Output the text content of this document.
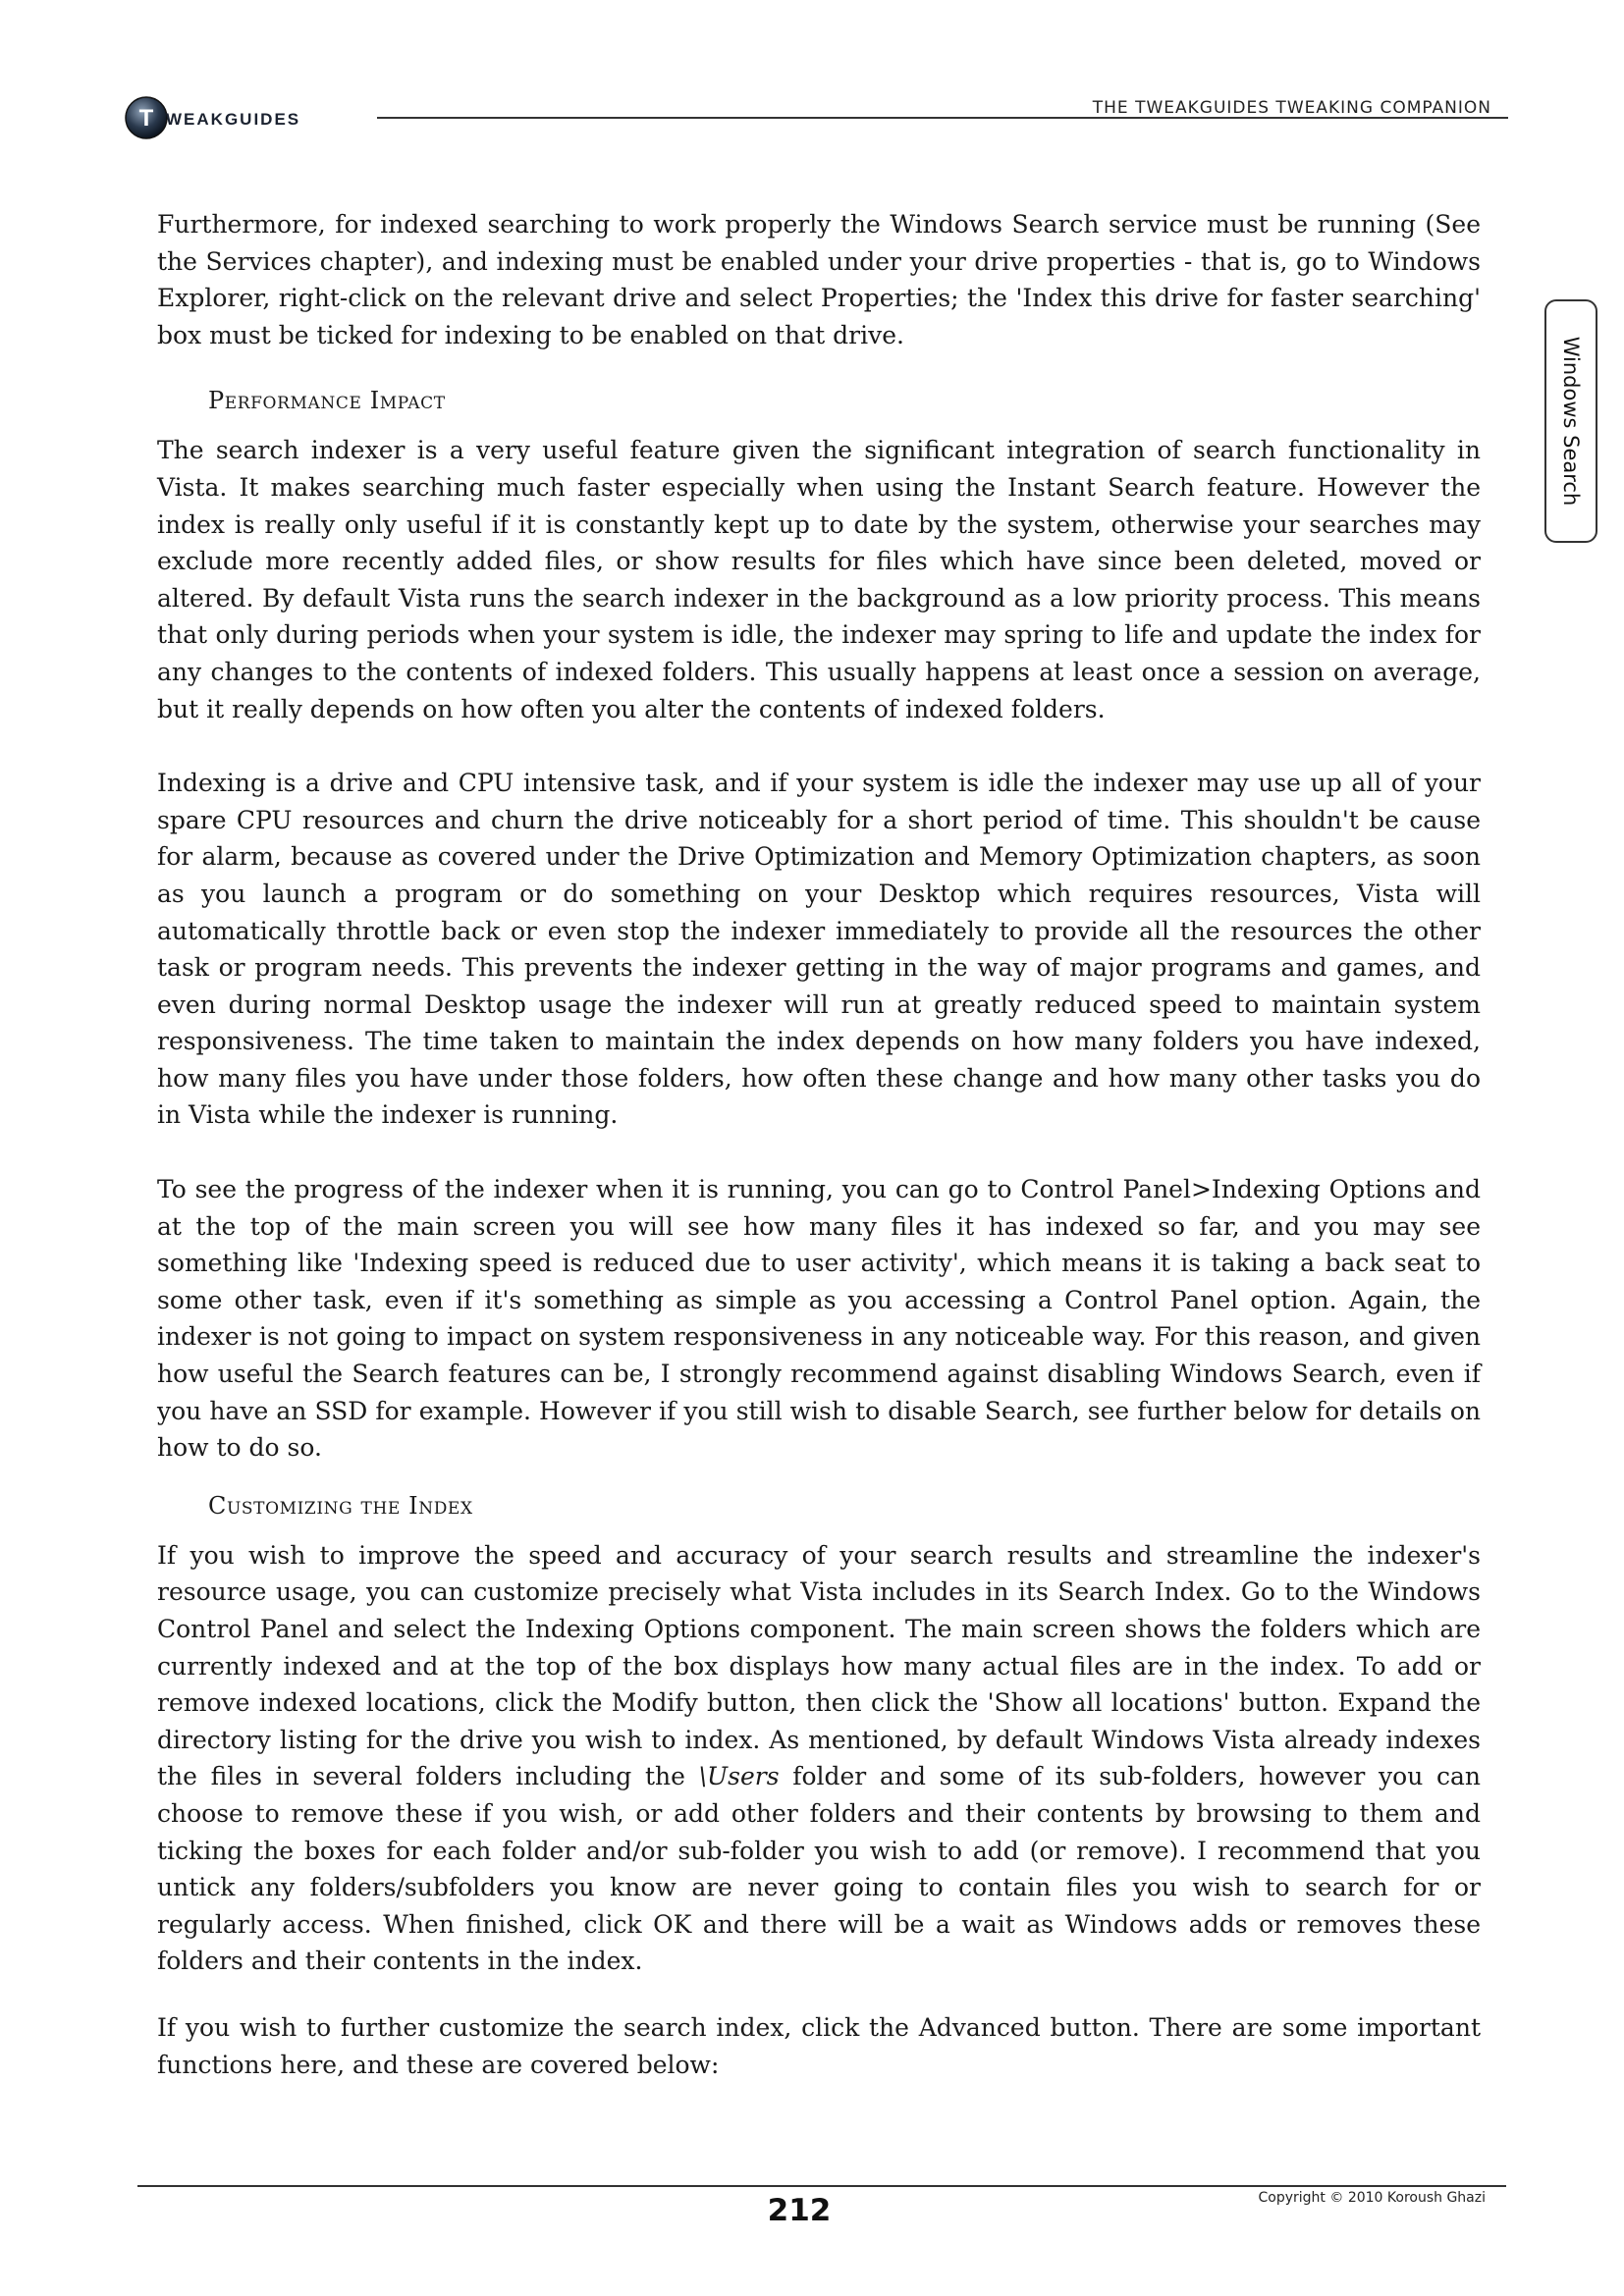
T WEAKGUIDES
THE TWEAKGUIDES TWEAKING COMPANION
Windows Search

Furthermore, for indexed searching to work properly the Windows Search service must be running (See the Services chapter), and indexing must be enabled under your drive properties - that is, go to Windows Explorer, right-click on the relevant drive and select Properties; the 'Index this drive for faster searching' box must be ticked for indexing to be enabled on that drive.

Performance Impact

The search indexer is a very useful feature given the significant integration of search functionality in Vista. It makes searching much faster especially when using the Instant Search feature. However the index is really only useful if it is constantly kept up to date by the system, otherwise your searches may exclude more recently added files, or show results for files which have since been deleted, moved or altered. By default Vista runs the search indexer in the background as a low priority process. This means that only during periods when your system is idle, the indexer may spring to life and update the index for any changes to the contents of indexed folders. This usually happens at least once a session on average, but it really depends on how often you alter the contents of indexed folders.

Indexing is a drive and CPU intensive task, and if your system is idle the indexer may use up all of your spare CPU resources and churn the drive noticeably for a short period of time. This shouldn't be cause for alarm, because as covered under the Drive Optimization and Memory Optimization chapters, as soon as you launch a program or do something on your Desktop which requires resources, Vista will automatically throttle back or even stop the indexer immediately to provide all the resources the other task or program needs. This prevents the indexer getting in the way of major programs and games, and even during normal Desktop usage the indexer will run at greatly reduced speed to maintain system responsiveness. The time taken to maintain the index depends on how many folders you have indexed, how many files you have under those folders, how often these change and how many other tasks you do in Vista while the indexer is running.

To see the progress of the indexer when it is running, you can go to Control Panel>Indexing Options and at the top of the main screen you will see how many files it has indexed so far, and you may see something like 'Indexing speed is reduced due to user activity', which means it is taking a back seat to some other task, even if it's something as simple as you accessing a Control Panel option. Again, the indexer is not going to impact on system responsiveness in any noticeable way. For this reason, and given how useful the Search features can be, I strongly recommend against disabling Windows Search, even if you have an SSD for example. However if you still wish to disable Search, see further below for details on how to do so.

Customizing the Index

If you wish to improve the speed and accuracy of your search results and streamline the indexer's resource usage, you can customize precisely what Vista includes in its Search Index. Go to the Windows Control Panel and select the Indexing Options component. The main screen shows the folders which are currently indexed and at the top of the box displays how many actual files are in the index. To add or remove indexed locations, click the Modify button, then click the 'Show all locations' button. Expand the directory listing for the drive you wish to index. As mentioned, by default Windows Vista already indexes the files in several folders including the \Users folder and some of its sub-folders, however you can choose to remove these if you wish, or add other folders and their contents by browsing to them and ticking the boxes for each folder and/or sub-folder you wish to add (or remove). I recommend that you untick any folders/subfolders you know are never going to contain files you wish to search for or regularly access. When finished, click OK and there will be a wait as Windows adds or removes these folders and their contents in the index.

If you wish to further customize the search index, click the Advanced button. There are some important functions here, and these are covered below:

212	Copyright © 2010 Koroush Ghazi
